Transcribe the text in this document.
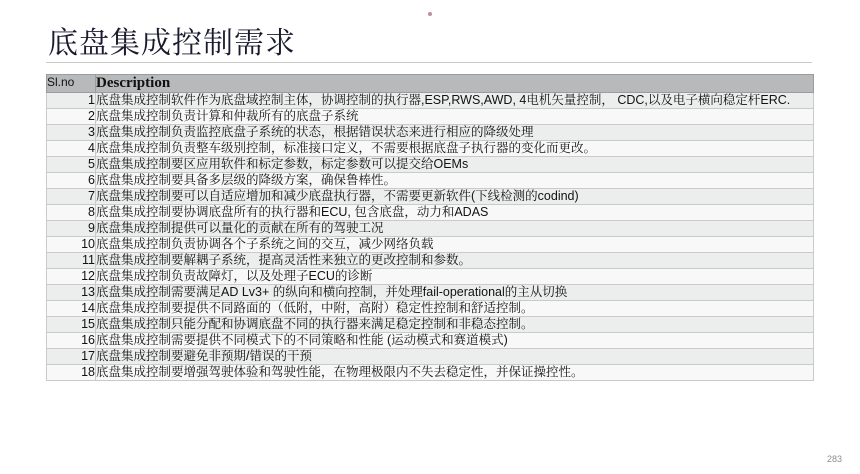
底盘集成控制需求
Sl.no	Description
1	底盘集成控制软件作为底盘域控制主体，协调控制的执行器,ESP,RWS,AWD, 4电机矢量控制， CDC,以及电子横向稳定杆ERC.
2	底盘集成控制负责计算和仲裁所有的底盘子系统
3	底盘集成控制负责监控底盘子系统的状态，根据错误状态来进行相应的降级处理
4	底盘集成控制负责整车级别控制，标准接口定义，不需要根据底盘子执行器的变化而更改。
5	底盘集成控制要区应用软件和标定参数，标定参数可以提交给OEMs
6	底盘集成控制要具备多层级的降级方案，确保鲁棒性。
7	底盘集成控制要可以自适应增加和减少底盘执行器，不需要更新软件(下线检测的codind)
8	底盘集成控制要协调底盘所有的执行器和ECU, 包含底盘，动力和ADAS
9	底盘集成控制提供可以量化的贡献在所有的驾驶工况
10	底盘集成控制负责协调各个子系统之间的交互，减少网络负载
11	底盘集成控制要解耦子系统，提高灵活性来独立的更改控制和参数。
12	底盘集成控制负责故障灯，以及处理子ECU的诊断
13	底盘集成控制需要满足AD Lv3+ 的纵向和横向控制，并处理fail-operational的主从切换
14	底盘集成控制要提供不同路面的（低附，中附，高附）稳定性控制和舒适控制。
15	底盘集成控制只能分配和协调底盘不同的执行器来满足稳定控制和非稳态控制。
16	底盘集成控制需要提供不同模式下的不同策略和性能 (运动模式和赛道模式)
17	底盘集成控制要避免非预期/错误的干预
18	底盘集成控制要增强驾驶体验和驾驶性能，在物理极限内不失去稳定性，并保证操控性。
283
